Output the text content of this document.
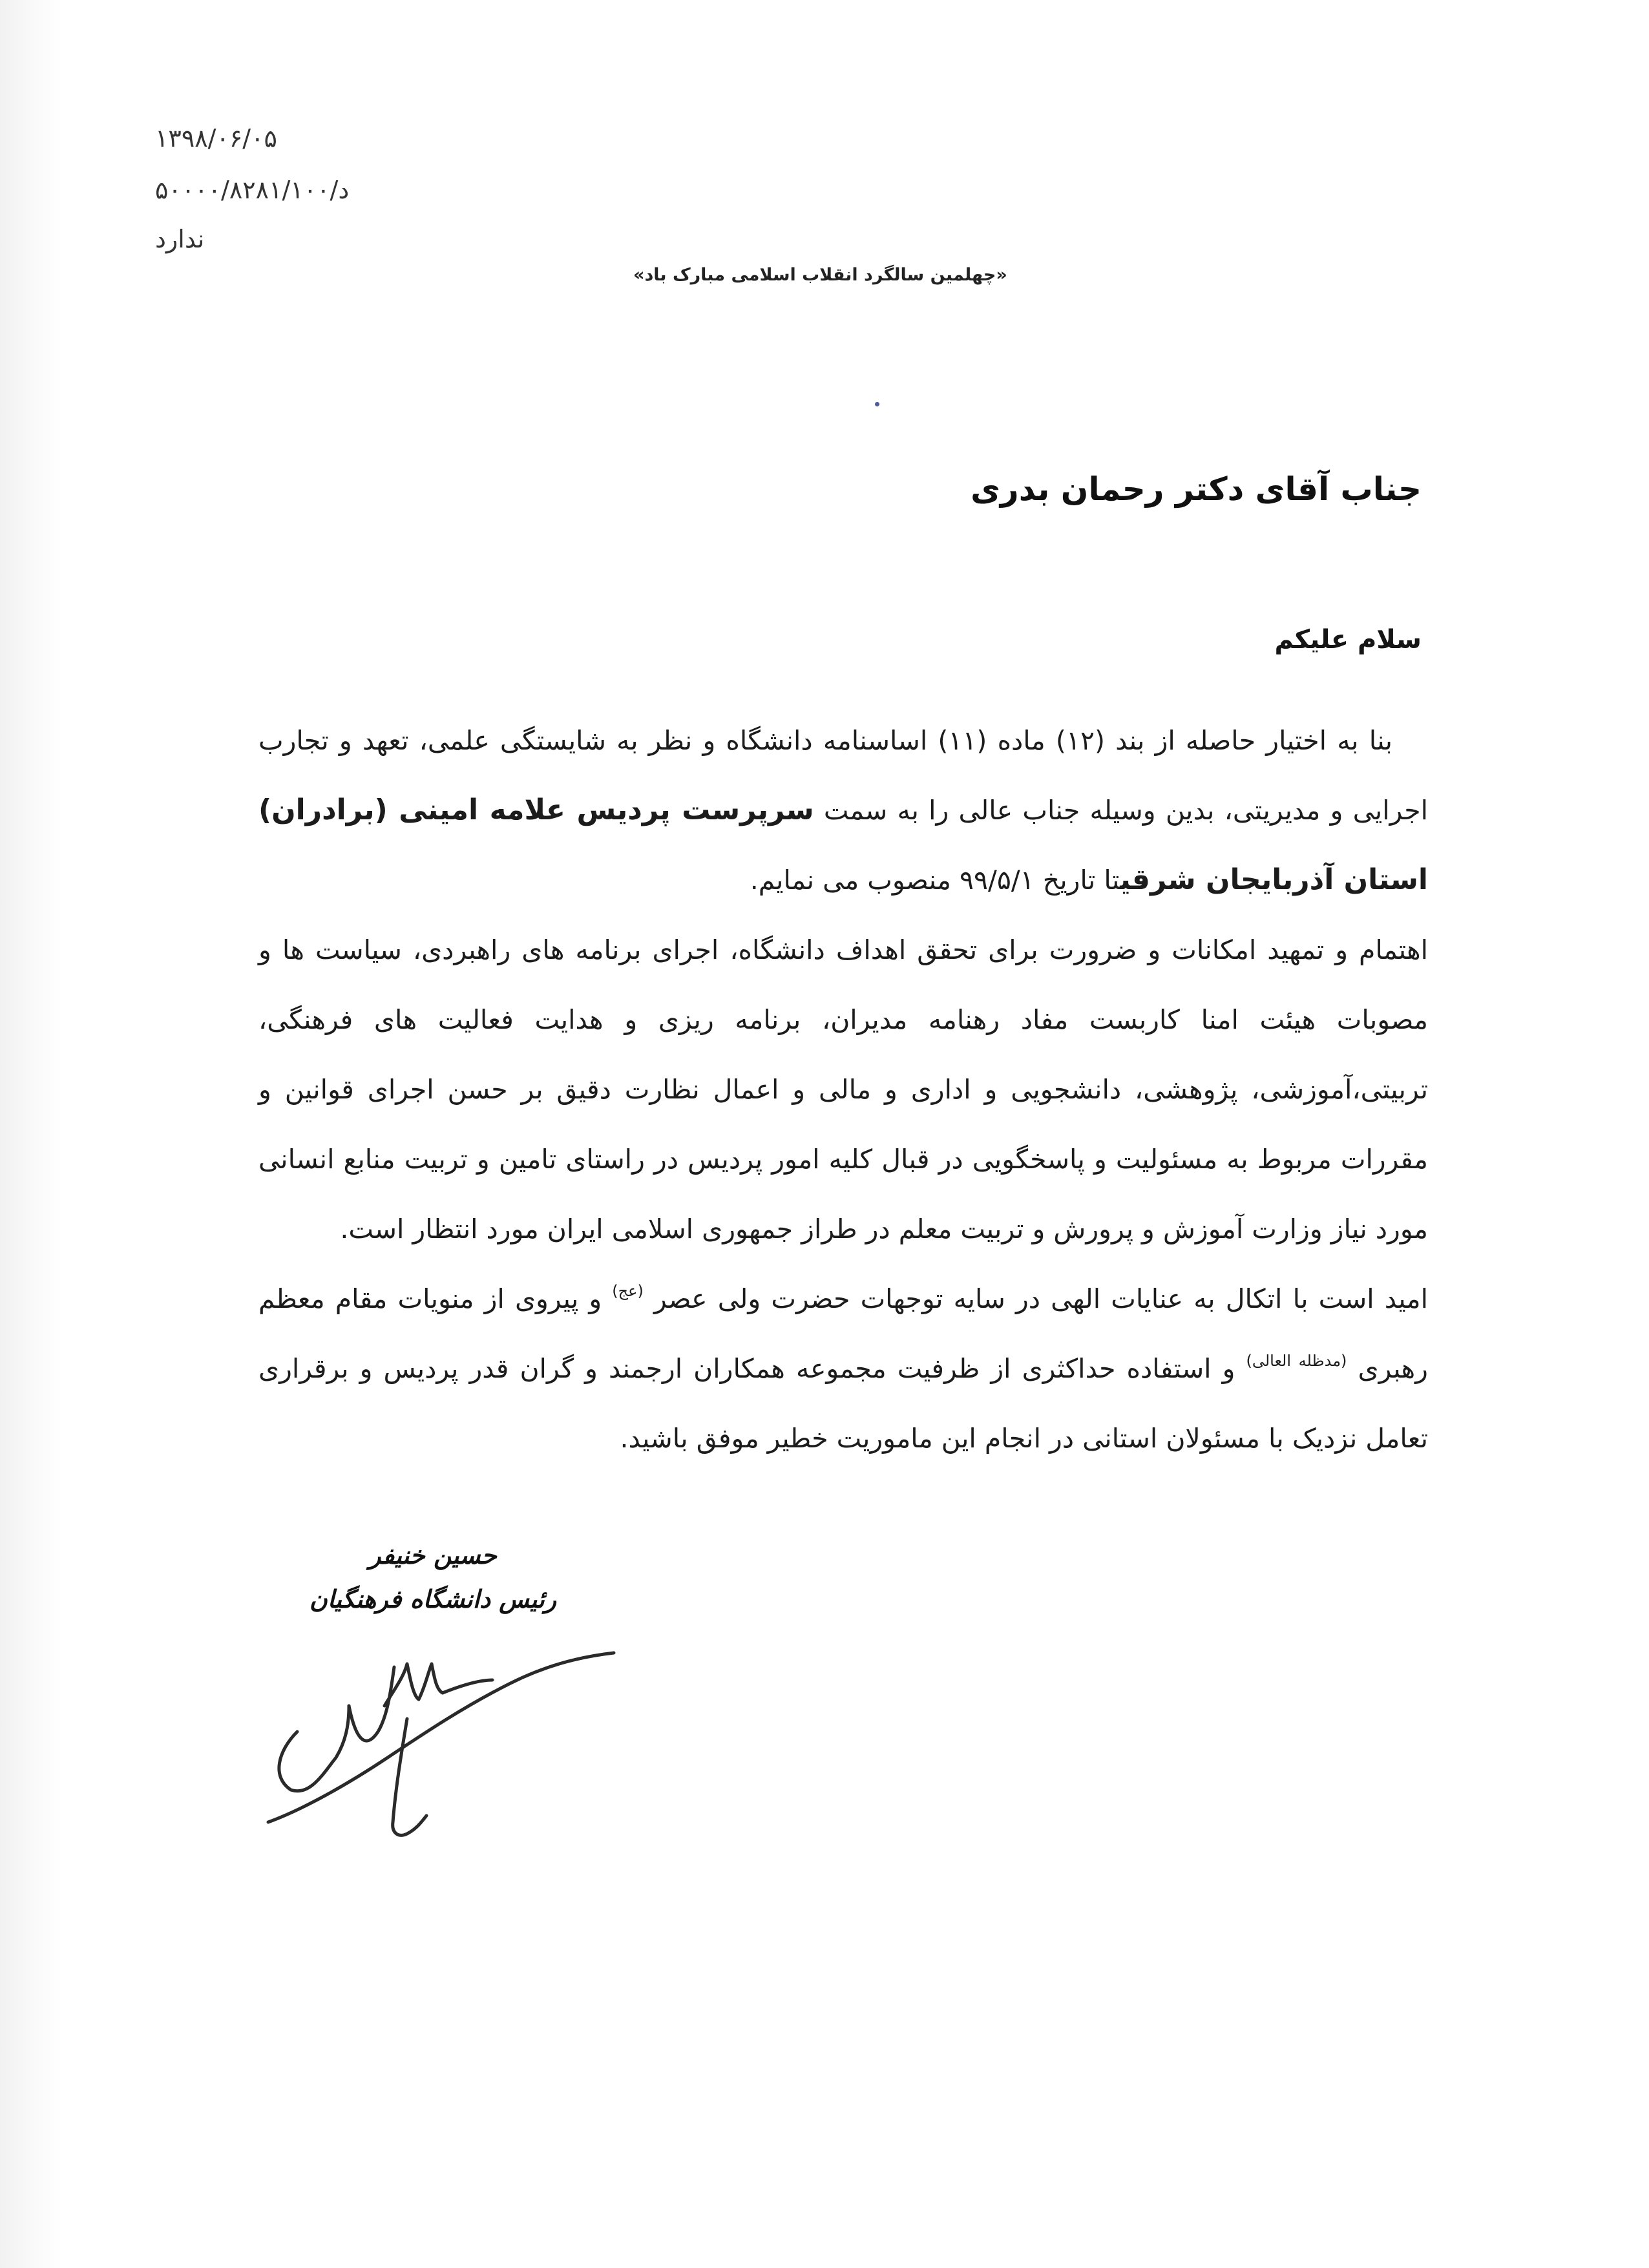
۱۳۹۸/۰۶/۰۵
د/۵۰۰۰۰/۸۲۸۱/۱۰۰
ندارد
«چهلمین سالگرد انقلاب اسلامی مبارک باد»
جناب آقای دکتر رحمان بدری
سلام علیکم

بنا به اختیار حاصله از بند (۱۲) ماده (۱۱) اساسنامه دانشگاه و نظر به شایستگی علمی، تعهد و تجارب اجرایی و مدیریتی، بدین وسیله جناب عالی را به سمت سرپرست پردیس علامه امینی (برادران) استان آذربایجان شرقیتا تاریخ ۹۹/۵/۱ منصوب می نمایم.

اهتمام و تمهید امکانات و ضرورت برای تحقق اهداف دانشگاه، اجرای برنامه های راهبردی، سیاست ها و مصوبات هیئت امنا کاربست مفاد رهنامه مدیران، برنامه ریزی و هدایت فعالیت های فرهنگی، تربیتی،آموزشی، پژوهشی، دانشجویی و اداری و مالی و اعمال نظارت دقیق بر حسن اجرای قوانین و مقررات مربوط به مسئولیت و پاسخگویی در قبال کلیه امور پردیس در راستای تامین و تربیت منابع انسانی مورد نیاز وزارت آموزش و پرورش و تربیت معلم در طراز جمهوری اسلامی ایران مورد انتظار است.

امید است با اتکال به عنایات الهی در سایه توجهات حضرت ولی عصر $^{(عج)}$ و پیروی از منویات مقام معظم رهبری $^{(مدظله العالی)}$ و استفاده حداکثری از ظرفیت مجموعه همکاران ارجمند و گران قدر پردیس و برقراری تعامل نزدیک با مسئولان استانی در انجام این ماموریت خطیر موفق باشید.

حسین خنیفر
رئیس دانشگاه فرهنگیان
